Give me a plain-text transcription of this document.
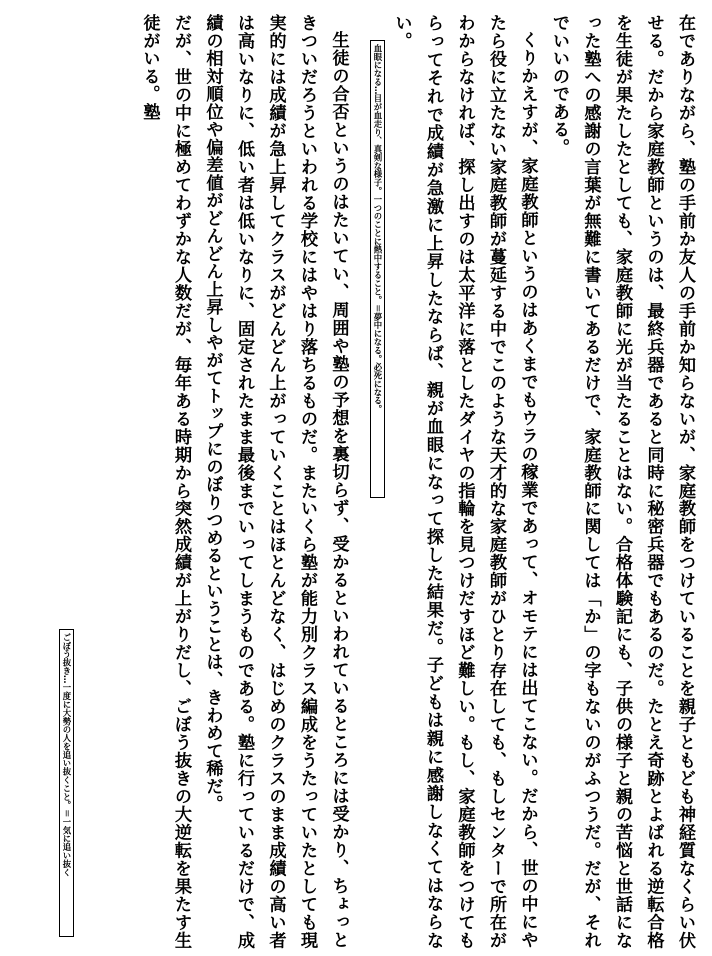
在でありながら、塾の手前か友人の手前か知らないが、家庭教師をつけていることを親子ともども神経質なくらい伏せる。だから家庭教師というのは、最終兵器であると同時に秘密兵器でもあるのだ。たとえ奇跡とよばれる逆転合格を生徒が果たしたとしても、家庭教師に光が当たることはない。合格体験記にも、子供の様子と親の苦悩と世話になった塾への感謝の言葉が無難に書いてあるだけで、家庭教師に関しては「か」の字もないのがふつうだ。だが、それでいいのである。

くりかえすが、家庭教師というのはあくまでもウラの稼業であって、オモテには出てこない。だから、世の中にやたら役に立たない家庭教師が蔓延する中でこのような天才的な家庭教師がひとり存在しても、もしセンターで所在がわからなければ、探し出すのは太平洋に落としたダイヤの指輪を見つけだすほど難しい。もし、家庭教師をつけてもらってそれで成績が急激に上昇したならば、親が血眼になって探した結果だ。子どもは親に感謝しなくてはならない。

生徒の合否というのはたいてい、周囲や塾の予想を裏切らず、受かるといわれているところには受かり、ちょっときついだろうといわれる学校にはやはり落ちるものだ。またいくら塾が能力別クラス編成をうたっていたとしても現実的には成績が急上昇してクラスがどんどん上がっていくことはほとんどなく、はじめのクラスのまま成績の高い者は高いなりに、低い者は低いなりに、固定されたまま最後までいってしまうものである。塾に行っているだけで、成績の相対順位や偏差値がどんどん上昇しやがてトップにのぼりつめるということは、きわめて稀だ。

だが、世の中に極めてわずかな人数だが、毎年ある時期から突然成績が上がりだし、ごぼう抜きの大逆転を果たす生徒がいる。塾	血眼になる…目が血走り、真剣な様子。一つのことに熱中すること。＝夢中になる。必死になる。
ごぼう抜き…一度に大勢の人を追い抜くこと。＝一気に追い抜く
